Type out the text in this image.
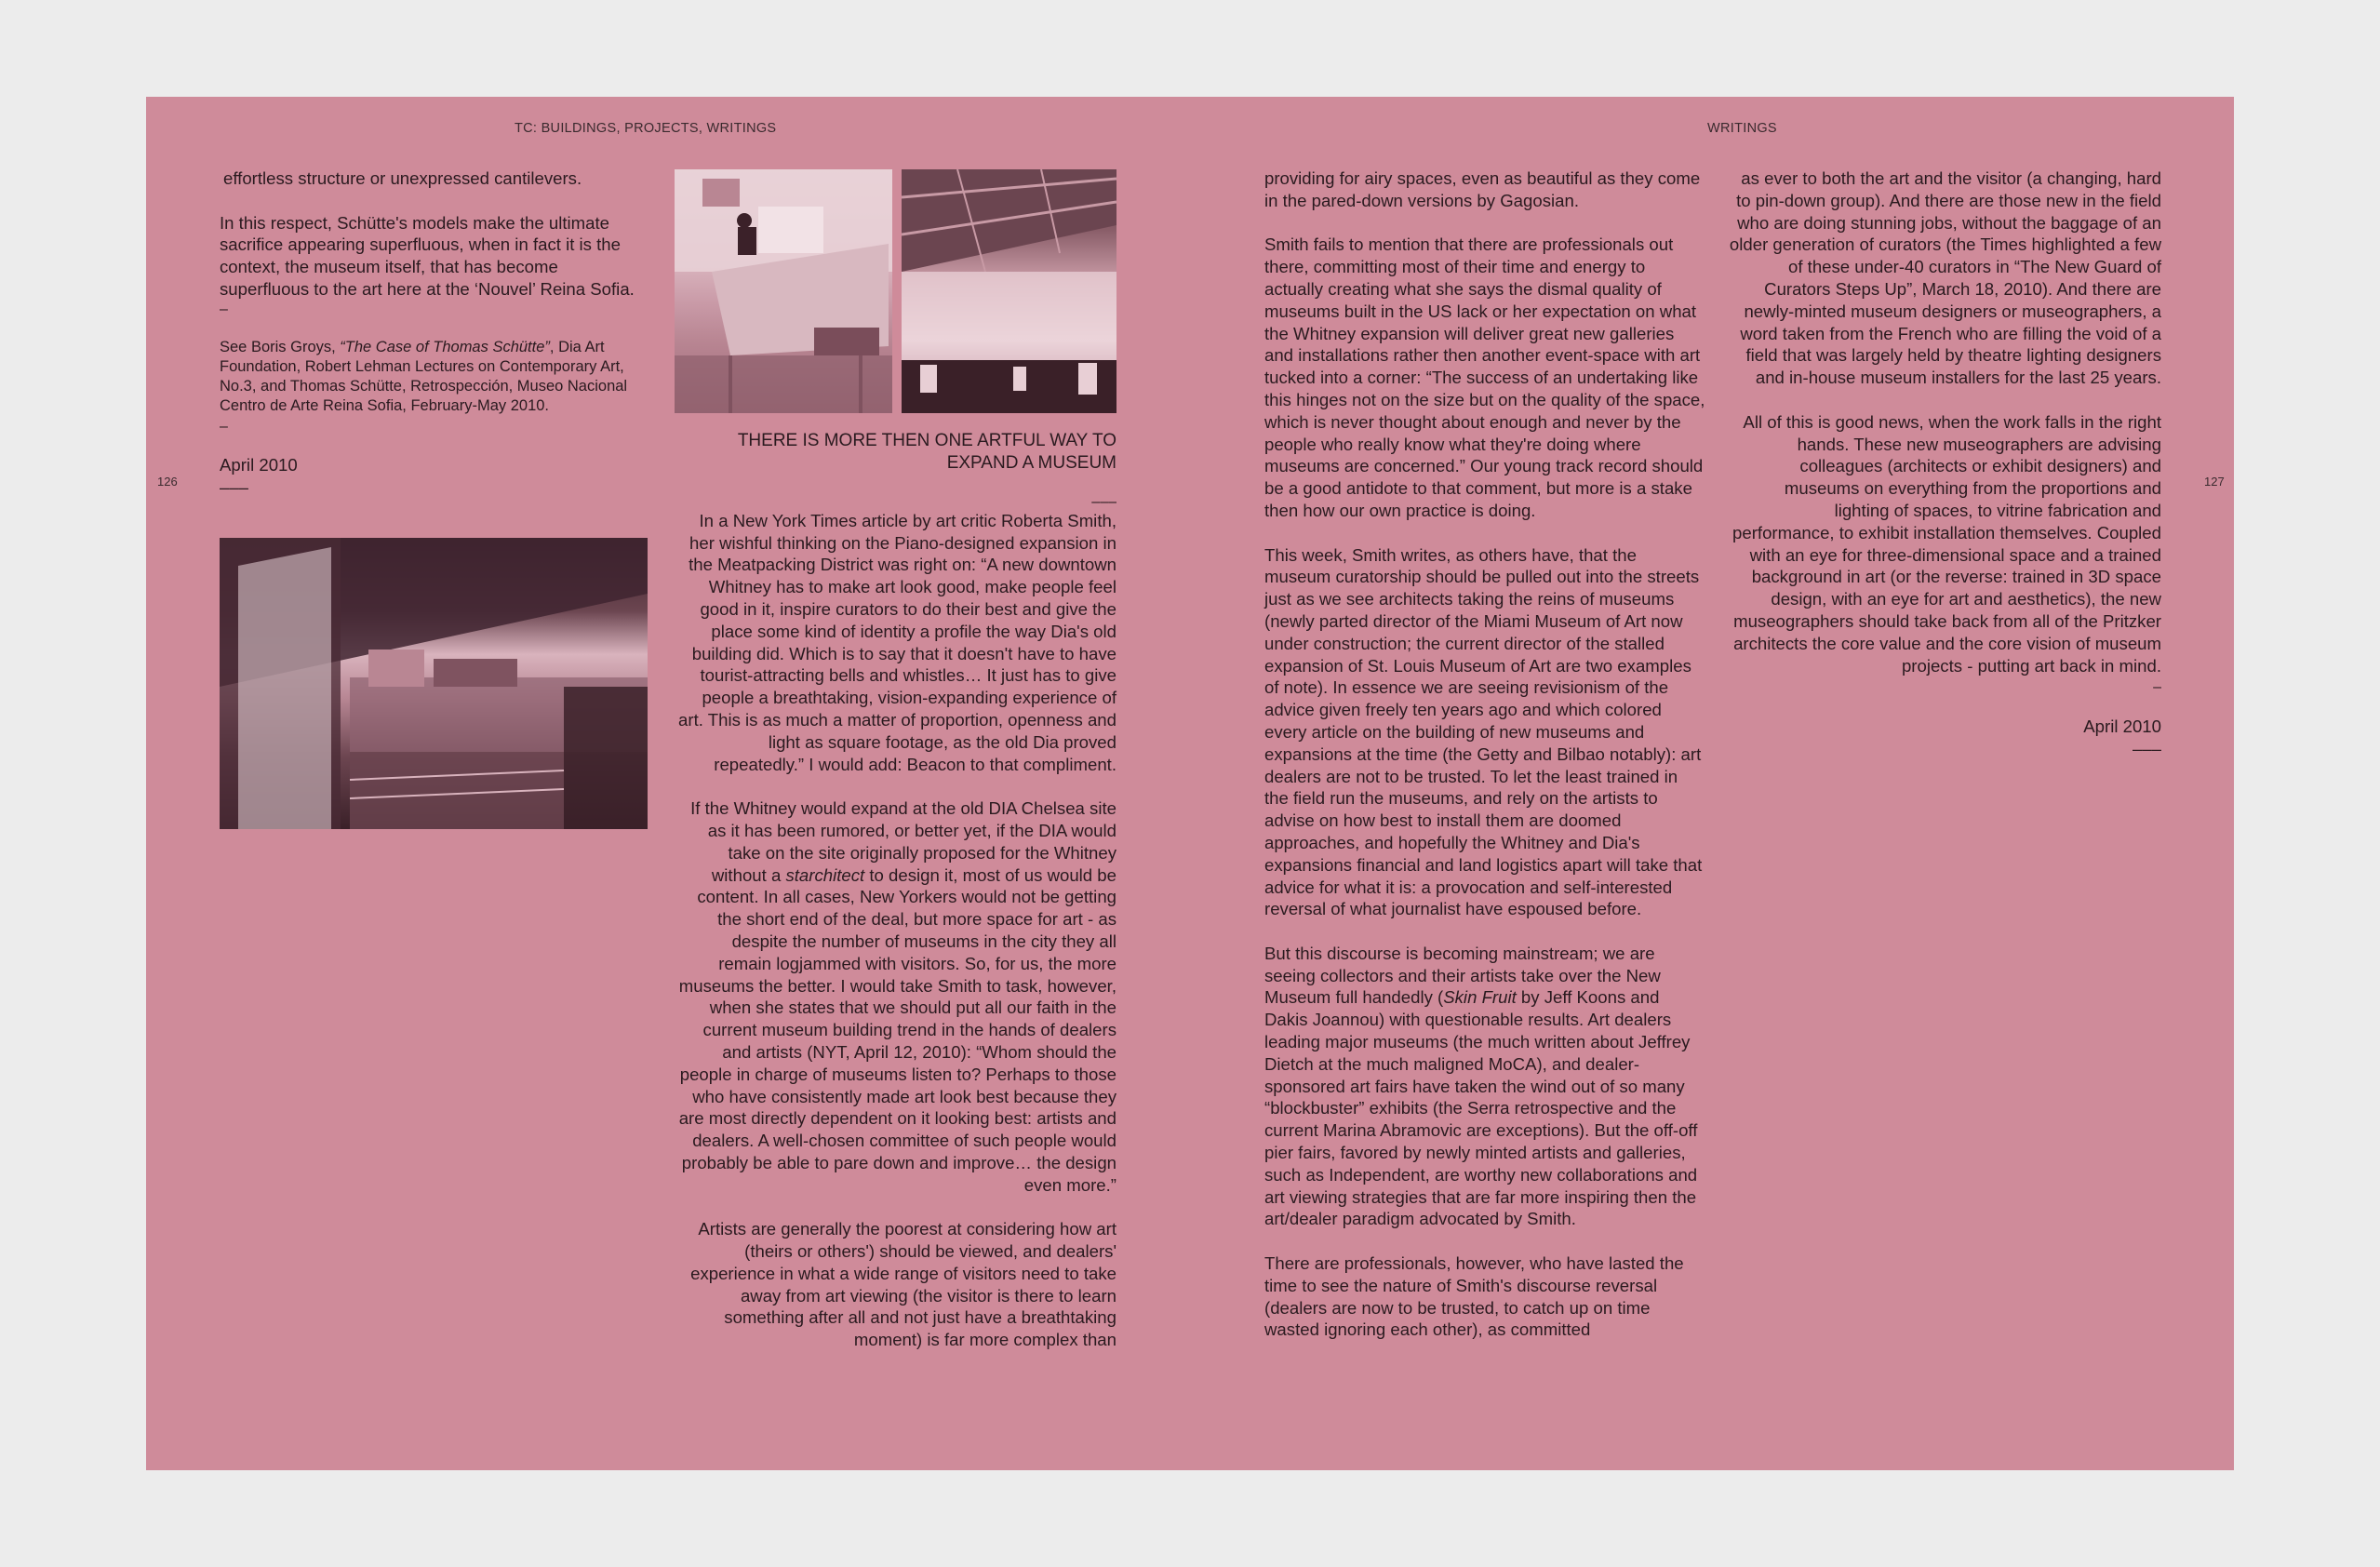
TC: BUILDINGS, PROJECTS, WRITINGS	WRITINGS
126	127

effortless structure or unexpressed cantilevers.

In this respect, Schütte's models make the ultimate sacrifice appearing superfluous, when in fact it is the context, the museum itself, that has become superfluous to the art here at the ‘Nouvel’ Reina Sofia.

–

See Boris Groys, “The Case of Thomas Schütte”, Dia Art Foundation, Robert Lehman Lectures on Contemporary Art, No.3, and Thomas Schütte, Retrospección, Museo Nacional Centro de Arte Reina Sofia, February-May 2010.

–

April 2010

–––

THERE IS MORE THEN ONE ARTFUL WAY TO EXPAND A MUSEUM

–––

In a New York Times article by art critic Roberta Smith, her wishful thinking on the Piano-designed expansion in the Meatpacking District was right on: “A new downtown Whitney has to make art look good, make people feel good in it, inspire curators to do their best and give the place some kind of identity a profile the way Dia's old building did. Which is to say that it doesn't have to have tourist-attracting bells and whistles… It just has to give people a breathtaking, vision-expanding experience of art. This is as much a matter of proportion, openness and light as square footage, as the old Dia proved repeatedly.” I would add: Beacon to that compliment.

If the Whitney would expand at the old DIA Chelsea site as it has been rumored, or better yet, if the DIA would take on the site originally proposed for the Whitney without a starchitect to design it, most of us would be content. In all cases, New Yorkers would not be getting the short end of the deal, but more space for art - as despite the number of museums in the city they all remain logjammed with visitors. So, for us, the more museums the better. I would take Smith to task, however, when she states that we should put all our faith in the current museum building trend in the hands of dealers and artists (NYT, April 12, 2010): “Whom should the people in charge of museums listen to? Perhaps to those who have consistently made art look best because they are most directly dependent on it looking best: artists and dealers. A well-chosen committee of such people would probably be able to pare down and improve… the design even more.”

Artists are generally the poorest at considering how art (theirs or others') should be viewed, and dealers' experience in what a wide range of visitors need to take away from art viewing (the visitor is there to learn something after all and not just have a breathtaking moment) is far more complex than

providing for airy spaces, even as beautiful as they come in the pared-down versions by Gagosian.

Smith fails to mention that there are professionals out there, committing most of their time and energy to actually creating what she says the dismal quality of museums built in the US lack or her expectation on what the Whitney expansion will deliver great new galleries and installations rather then another event-space with art tucked into a corner: “The success of an undertaking like this hinges not on the size but on the quality of the space, which is never thought about enough and never by the people who really know what they're doing where museums are concerned.” Our young track record should be a good antidote to that comment, but more is a stake then how our own practice is doing.

This week, Smith writes, as others have, that the museum curatorship should be pulled out into the streets just as we see architects taking the reins of museums (newly parted director of the Miami Museum of Art now under construction; the current director of the stalled expansion of St. Louis Museum of Art are two examples of note). In essence we are seeing revisionism of the advice given freely ten years ago and which colored every article on the building of new museums and expansions at the time (the Getty and Bilbao notably): art dealers are not to be trusted. To let the least trained in the field run the museums, and rely on the artists to advise on how best to install them are doomed approaches, and hopefully the Whitney and Dia's expansions financial and land logistics apart will take that advice for what it is: a provocation and self-interested reversal of what journalist have espoused before.

But this discourse is becoming mainstream; we are seeing collectors and their artists take over the New Museum full handedly (Skin Fruit by Jeff Koons and Dakis Joannou) with questionable results. Art dealers leading major museums (the much written about Jeffrey Dietch at the much maligned MoCA), and dealer-sponsored art fairs have taken the wind out of so many “blockbuster” exhibits (the Serra retrospective and the current Marina Abramovic are exceptions). But the off-off pier fairs, favored by newly minted artists and galleries, such as Independent, are worthy new collaborations and art viewing strategies that are far more inspiring then the art/dealer paradigm advocated by Smith.

There are professionals, however, who have lasted the time to see the nature of Smith's discourse reversal (dealers are now to be trusted, to catch up on time wasted ignoring each other), as committed

as ever to both the art and the visitor (a changing, hard to pin-down group). And there are those new in the field who are doing stunning jobs, without the baggage of an older generation of curators (the Times highlighted a few of these under-40 curators in “The New Guard of Curators Steps Up”, March 18, 2010). And there are newly-minted museum designers or museographers, a word taken from the French who are filling the void of a field that was largely held by theatre lighting designers and in-house museum installers for the last 25 years.

All of this is good news, when the work falls in the right hands. These new museographers are advising colleagues (architects or exhibit designers) and museums on everything from the proportions and lighting of spaces, to vitrine fabrication and performance, to exhibit installation themselves. Coupled with an eye for three-dimensional space and a trained background in art (or the reverse: trained in 3D space design, with an eye for art and aesthetics), the new museographers should take back from all of the Pritzker architects the core value and the core vision of museum projects - putting art back in mind.

–

April 2010

–––
